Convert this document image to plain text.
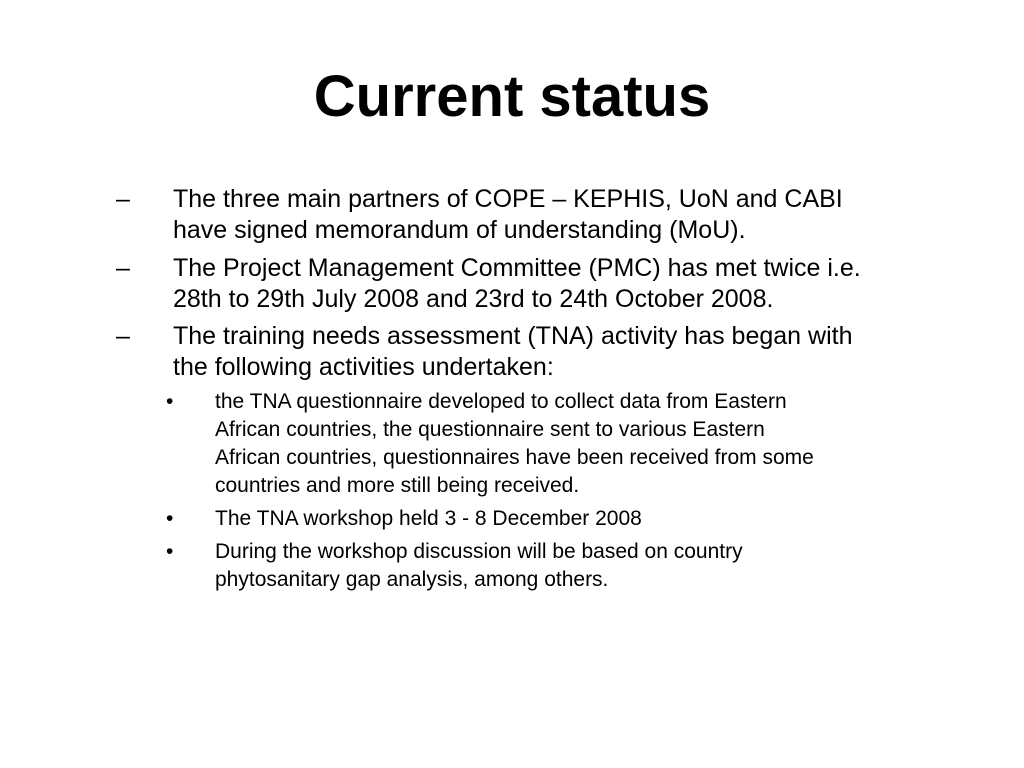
Current status
– The three main partners of COPE – KEPHIS, UoN and CABI
have signed memorandum of understanding (MoU).
– The Project Management Committee (PMC) has met twice i.e.
28th to 29th July 2008 and 23rd to 24th October 2008.
– The training needs assessment (TNA) activity has began with
the following activities undertaken:
• the TNA questionnaire developed to collect data from Eastern
African countries, the questionnaire sent to various Eastern
African countries, questionnaires have been received from some
countries and more still being received.
• The TNA workshop held 3 - 8 December 2008
• During the workshop discussion will be based on country
phytosanitary gap analysis, among others.
